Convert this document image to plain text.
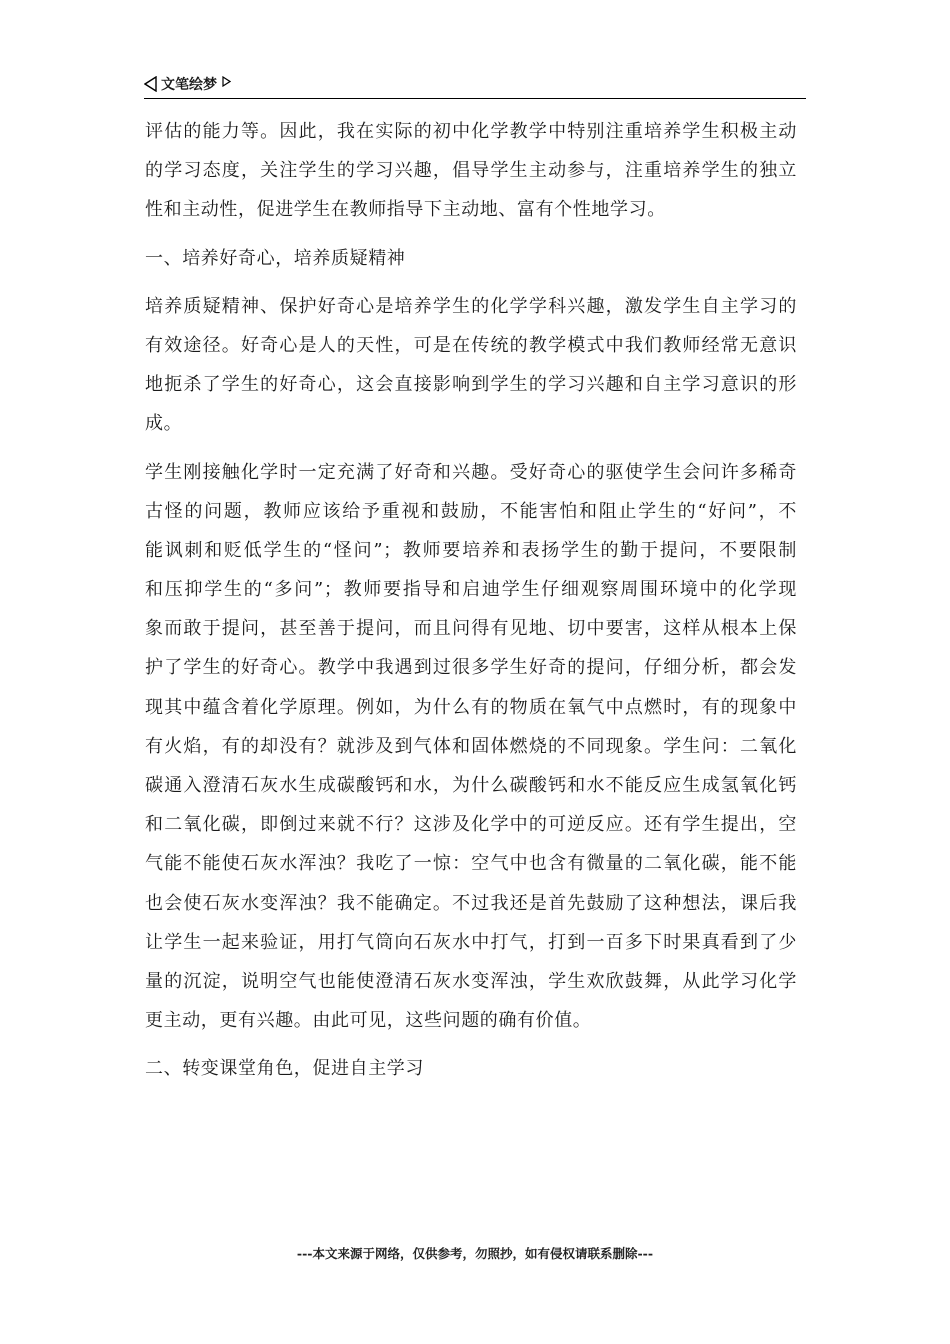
文笔绘梦
评估的能力等。因此，我在实际的初中化学教学中特别注重培养学生积极主动
的学习态度，关注学生的学习兴趣，倡导学生主动参与，注重培养学生的独立
性和主动性，促进学生在教师指导下主动地、富有个性地学习。
一、培养好奇心，培养质疑精神
培养质疑精神、保护好奇心是培养学生的化学学科兴趣，激发学生自主学习的
有效途径。好奇心是人的天性，可是在传统的教学模式中我们教师经常无意识
地扼杀了学生的好奇心，这会直接影响到学生的学习兴趣和自主学习意识的形
成。
学生刚接触化学时一定充满了好奇和兴趣。受好奇心的驱使学生会问许多稀奇
古怪的问题，教师应该给予重视和鼓励，不能害怕和阻止学生的“好问”，不
能讽刺和贬低学生的“怪问”；教师要培养和表扬学生的勤于提问，不要限制
和压抑学生的“多问”；教师要指导和启迪学生仔细观察周围环境中的化学现
象而敢于提问，甚至善于提问，而且问得有见地、切中要害，这样从根本上保
护了学生的好奇心。教学中我遇到过很多学生好奇的提问，仔细分析，都会发
现其中蕴含着化学原理。例如，为什么有的物质在氧气中点燃时，有的现象中
有火焰，有的却没有？就涉及到气体和固体燃烧的不同现象。学生问：二氧化
碳通入澄清石灰水生成碳酸钙和水，为什么碳酸钙和水不能反应生成氢氧化钙
和二氧化碳，即倒过来就不行？这涉及化学中的可逆反应。还有学生提出，空
气能不能使石灰水浑浊？我吃了一惊：空气中也含有微量的二氧化碳，能不能
也会使石灰水变浑浊？我不能确定。不过我还是首先鼓励了这种想法，课后我
让学生一起来验证，用打气筒向石灰水中打气，打到一百多下时果真看到了少
量的沉淀，说明空气也能使澄清石灰水变浑浊，学生欢欣鼓舞，从此学习化学
更主动，更有兴趣。由此可见，这些问题的确有价值。
二、转变课堂角色，促进自主学习
---本文来源于网络，仅供参考，勿照抄，如有侵权请联系删除---
